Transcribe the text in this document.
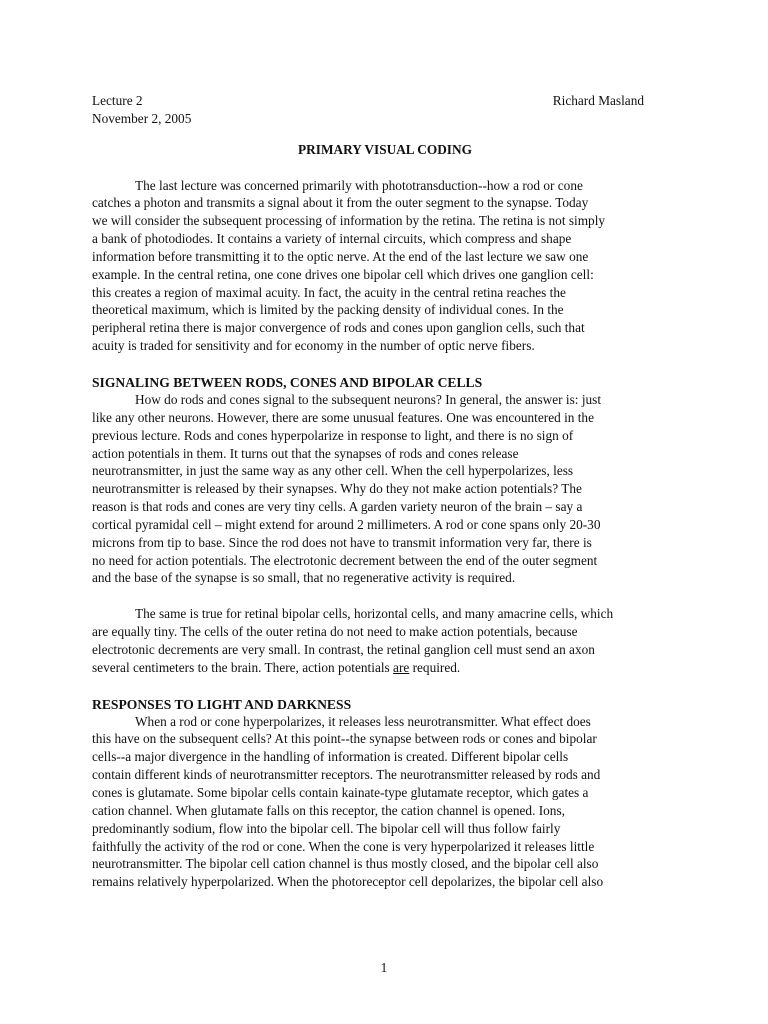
Lecture 2	Richard Masland
November 2, 2005
PRIMARY VISUAL CODING
The last lecture was concerned primarily with phototransduction--how a rod or cone
catches a photon and transmits a signal about it from the outer segment to the synapse. Today
we will consider the subsequent processing of information by the retina. The retina is not simply
a bank of photodiodes. It contains a variety of internal circuits, which compress and shape
information before transmitting it to the optic nerve. At the end of the last lecture we saw one
example. In the central retina, one cone drives one bipolar cell which drives one ganglion cell:
this creates a region of maximal acuity. In fact, the acuity in the central retina reaches the
theoretical maximum, which is limited by the packing density of individual cones. In the
peripheral retina there is major convergence of rods and cones upon ganglion cells, such that
acuity is traded for sensitivity and for economy in the number of optic nerve fibers.
SIGNALING BETWEEN RODS, CONES AND BIPOLAR CELLS
How do rods and cones signal to the subsequent neurons? In general, the answer is: just
like any other neurons. However, there are some unusual features. One was encountered in the
previous lecture. Rods and cones hyperpolarize in response to light, and there is no sign of
action potentials in them. It turns out that the synapses of rods and cones release
neurotransmitter, in just the same way as any other cell. When the cell hyperpolarizes, less
neurotransmitter is released by their synapses. Why do they not make action potentials? The
reason is that rods and cones are very tiny cells. A garden variety neuron of the brain – say a
cortical pyramidal cell – might extend for around 2 millimeters. A rod or cone spans only 20-30
microns from tip to base. Since the rod does not have to transmit information very far, there is
no need for action potentials. The electrotonic decrement between the end of the outer segment
and the base of the synapse is so small, that no regenerative activity is required.
The same is true for retinal bipolar cells, horizontal cells, and many amacrine cells, which
are equally tiny. The cells of the outer retina do not need to make action potentials, because
electrotonic decrements are very small. In contrast, the retinal ganglion cell must send an axon
several centimeters to the brain. There, action potentials are required.
RESPONSES TO LIGHT AND DARKNESS
When a rod or cone hyperpolarizes, it releases less neurotransmitter. What effect does
this have on the subsequent cells? At this point--the synapse between rods or cones and bipolar
cells--a major divergence in the handling of information is created. Different bipolar cells
contain different kinds of neurotransmitter receptors. The neurotransmitter released by rods and
cones is glutamate. Some bipolar cells contain kainate-type glutamate receptor, which gates a
cation channel. When glutamate falls on this receptor, the cation channel is opened. Ions,
predominantly sodium, flow into the bipolar cell. The bipolar cell will thus follow fairly
faithfully the activity of the rod or cone. When the cone is very hyperpolarized it releases little
neurotransmitter. The bipolar cell cation channel is thus mostly closed, and the bipolar cell also
remains relatively hyperpolarized. When the photoreceptor cell depolarizes, the bipolar cell also
1
